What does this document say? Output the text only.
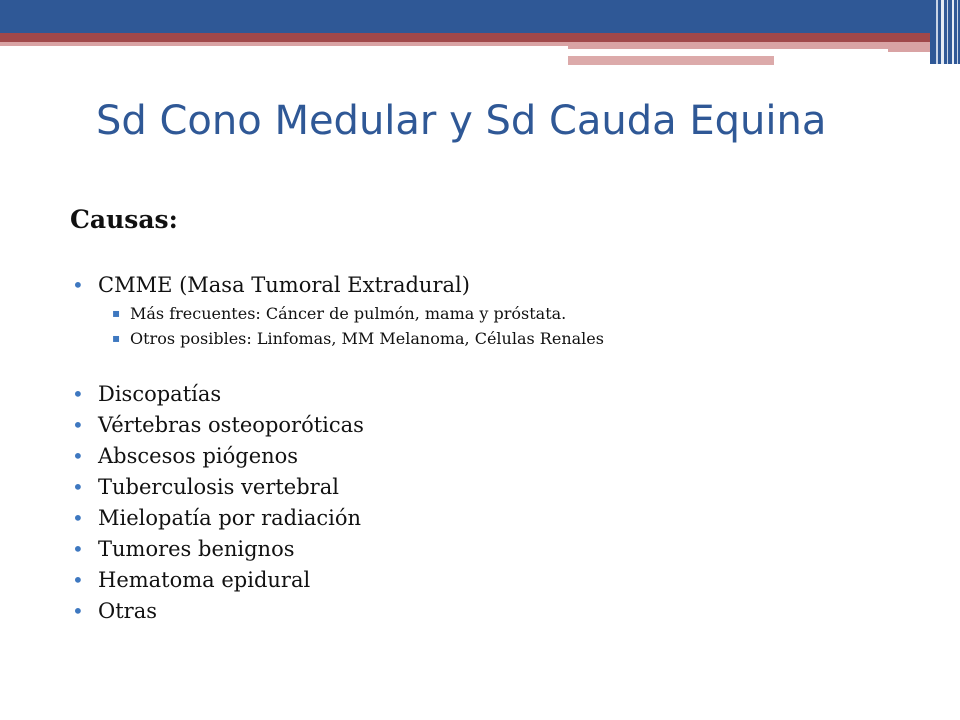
Sd Cono Medular y Sd Cauda Equina
Causas:
• CMME (Masa Tumoral Extradural)
▪ Más frecuentes: Cáncer de pulmón, mama y próstata.
▪ Otros posibles: Linfomas, MM Melanoma, Células Renales
• Discopatías
• Vértebras osteoporóticas
• Abscesos piógenos
• Tuberculosis vertebral
• Mielopatía por radiación
• Tumores benignos
• Hematoma epidural
• Otras
